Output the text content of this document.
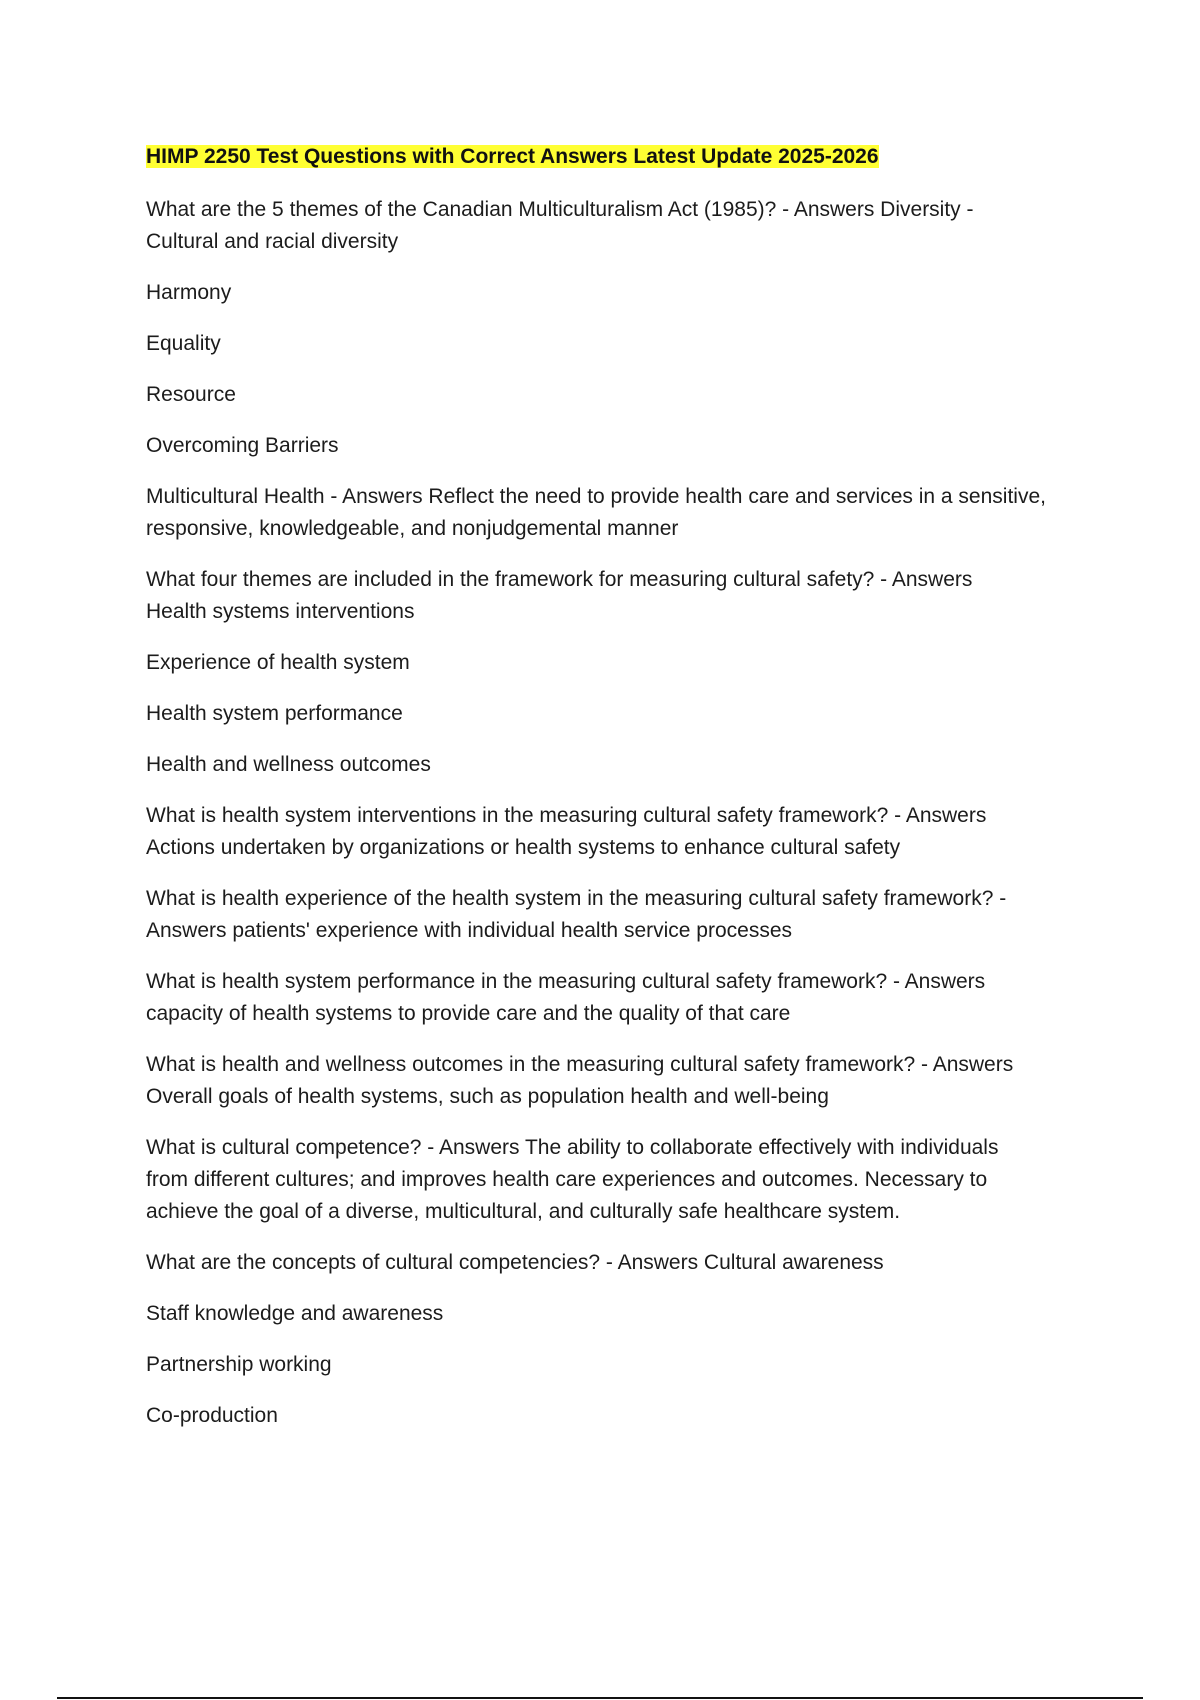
HIMP 2250 Test Questions with Correct Answers Latest Update 2025-2026
What are the 5 themes of the Canadian Multiculturalism Act (1985)? - Answers Diversity -
Cultural and racial diversity
Harmony
Equality
Resource
Overcoming Barriers
Multicultural Health - Answers Reflect the need to provide health care and services in a sensitive,
responsive, knowledgeable, and nonjudgemental manner
What four themes are included in the framework for measuring cultural safety? - Answers
Health systems interventions
Experience of health system
Health system performance
Health and wellness outcomes
What is health system interventions in the measuring cultural safety framework? - Answers
Actions undertaken by organizations or health systems to enhance cultural safety
What is health experience of the health system in the measuring cultural safety framework? -
Answers patients' experience with individual health service processes
What is health system performance in the measuring cultural safety framework? - Answers
capacity of health systems to provide care and the quality of that care
What is health and wellness outcomes in the measuring cultural safety framework? - Answers
Overall goals of health systems, such as population health and well-being
What is cultural competence? - Answers The ability to collaborate effectively with individuals
from different cultures; and improves health care experiences and outcomes. Necessary to
achieve the goal of a diverse, multicultural, and culturally safe healthcare system.
What are the concepts of cultural competencies? - Answers Cultural awareness
Staff knowledge and awareness
Partnership working
Co-production
